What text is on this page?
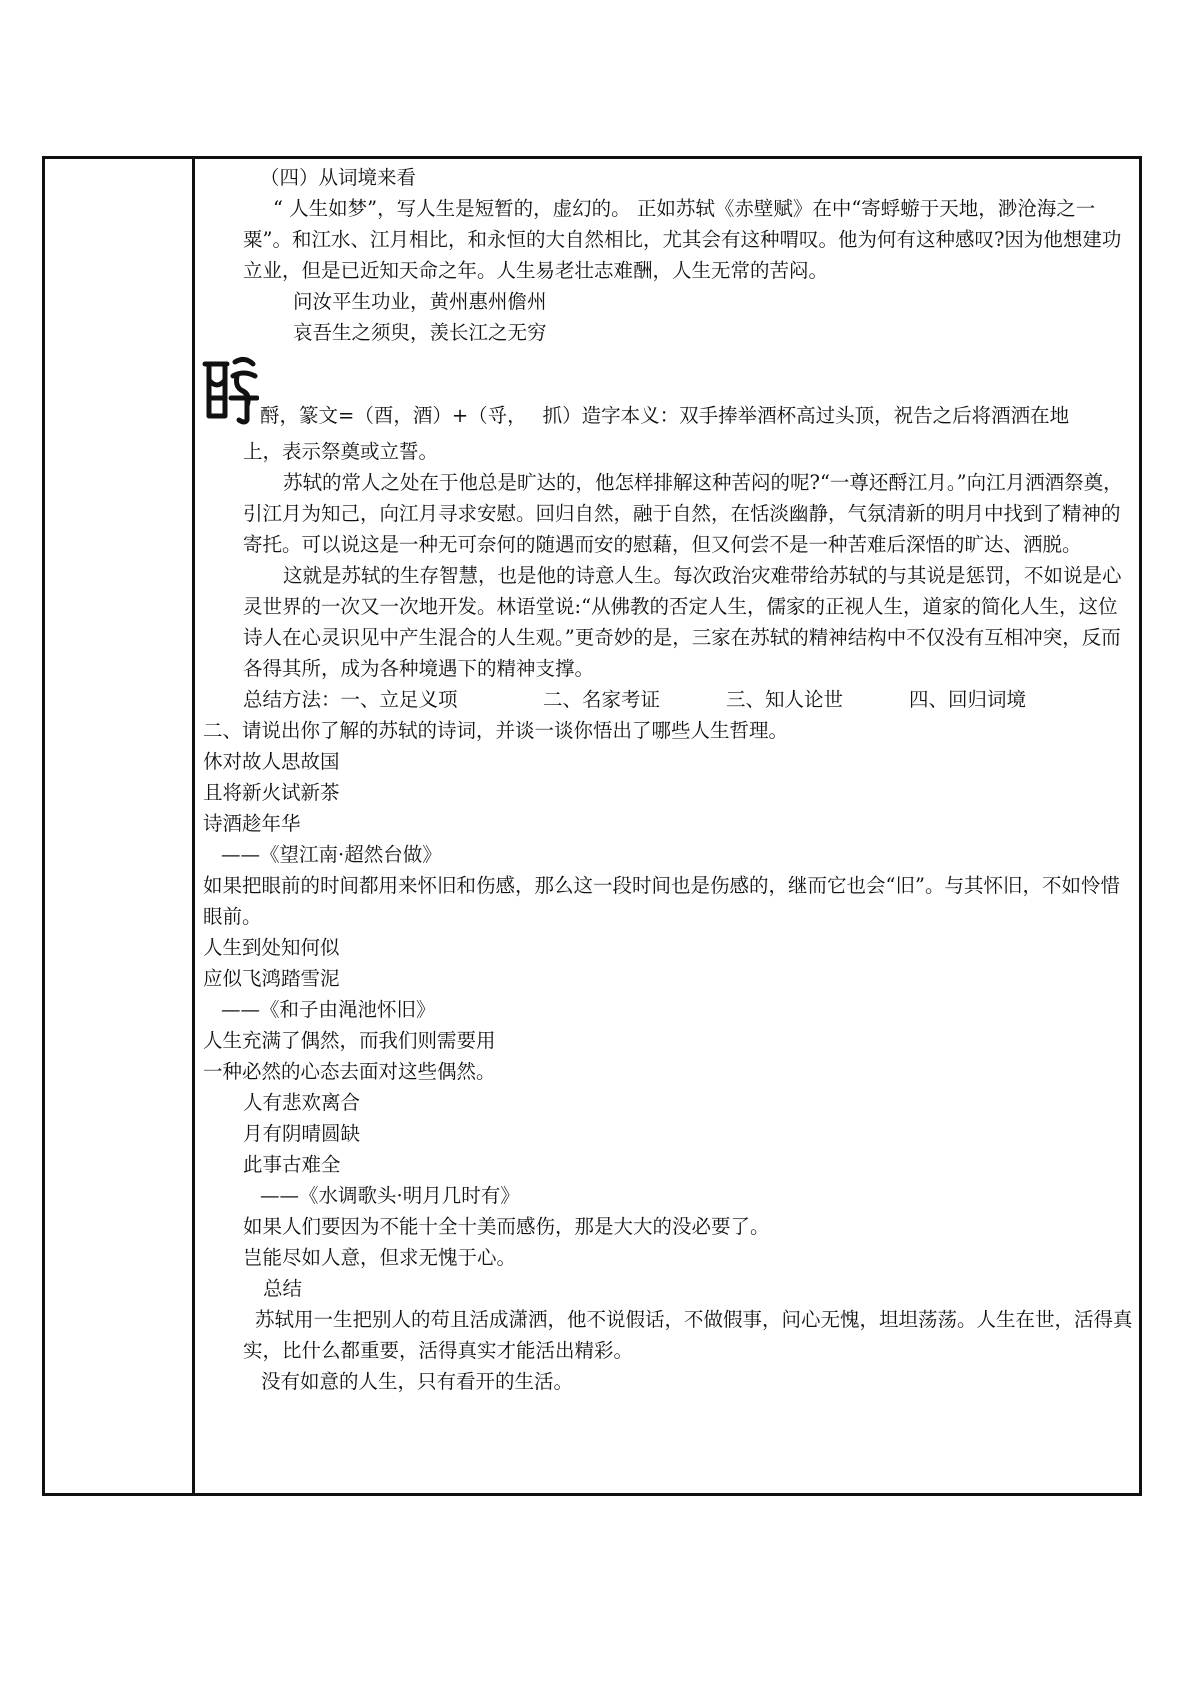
（四）从词境来看

“ 人生如梦”，写人生是短暂的，虚幻的。 正如苏轼《赤壁赋》在中“寄蜉蝣于天地，渺沧海之一粟”。和江水、江月相比，和永恒的大自然相比，尤其会有这种喟叹。他为何有这种感叹?因为他想建功立业，但是已近知天命之年。人生易老壮志难酬，人生无常的苦闷。

问汝平生功业，黄州惠州儋州

哀吾生之须臾，羡长江之无穷

酹，篆文=（酉，酒）+（寽，　 抓）造字本义：双手捧举酒杯高过头顶，祝告之后将酒洒在地

上，表示祭奠或立誓。

苏轼的常人之处在于他总是旷达的，他怎样排解这种苦闷的呢?“一尊还酹江月。”向江月洒酒祭奠，引江月为知己，向江月寻求安慰。回归自然，融于自然，在恬淡幽静，气氛清新的明月中找到了精神的寄托。可以说这是一种无可奈何的随遇而安的慰藉，但又何尝不是一种苦难后深悟的旷达、洒脱。

这就是苏轼的生存智慧，也是他的诗意人生。每次政治灾难带给苏轼的与其说是惩罚，不如说是心灵世界的一次又一次地开发。林语堂说:“从佛教的否定人生，儒家的正视人生，道家的简化人生，这位诗人在心灵识见中产生混合的人生观。”更奇妙的是，三家在苏轼的精神结构中不仅没有互相冲突，反而各得其所，成为各种境遇下的精神支撑。

总结方法：一、立足义项	二、名家考证	三、知人论世	四、回归词境

二、请说出你了解的苏轼的诗词，并谈一谈你悟出了哪些人生哲理。

休对故人思故国

且将新火试新茶

诗酒趁年华

——《望江南·超然台做》

如果把眼前的时间都用来怀旧和伤感，那么这一段时间也是伤感的，继而它也会“旧”。与其怀旧，不如怜惜眼前。

人生到处知何似

应似飞鸿踏雪泥

——《和子由渑池怀旧》

人生充满了偶然，而我们则需要用

一种必然的心态去面对这些偶然。

人有悲欢离合

月有阴晴圆缺

此事古难全

——《水调歌头·明月几时有》

如果人们要因为不能十全十美而感伤，那是大大的没必要了。

岂能尽如人意，但求无愧于心。

总结

苏轼用一生把别人的苟且活成潇洒，他不说假话，不做假事，问心无愧，坦坦荡荡。人生在世，活得真实，比什么都重要，活得真实才能活出精彩。

没有如意的人生，只有看开的生活。
